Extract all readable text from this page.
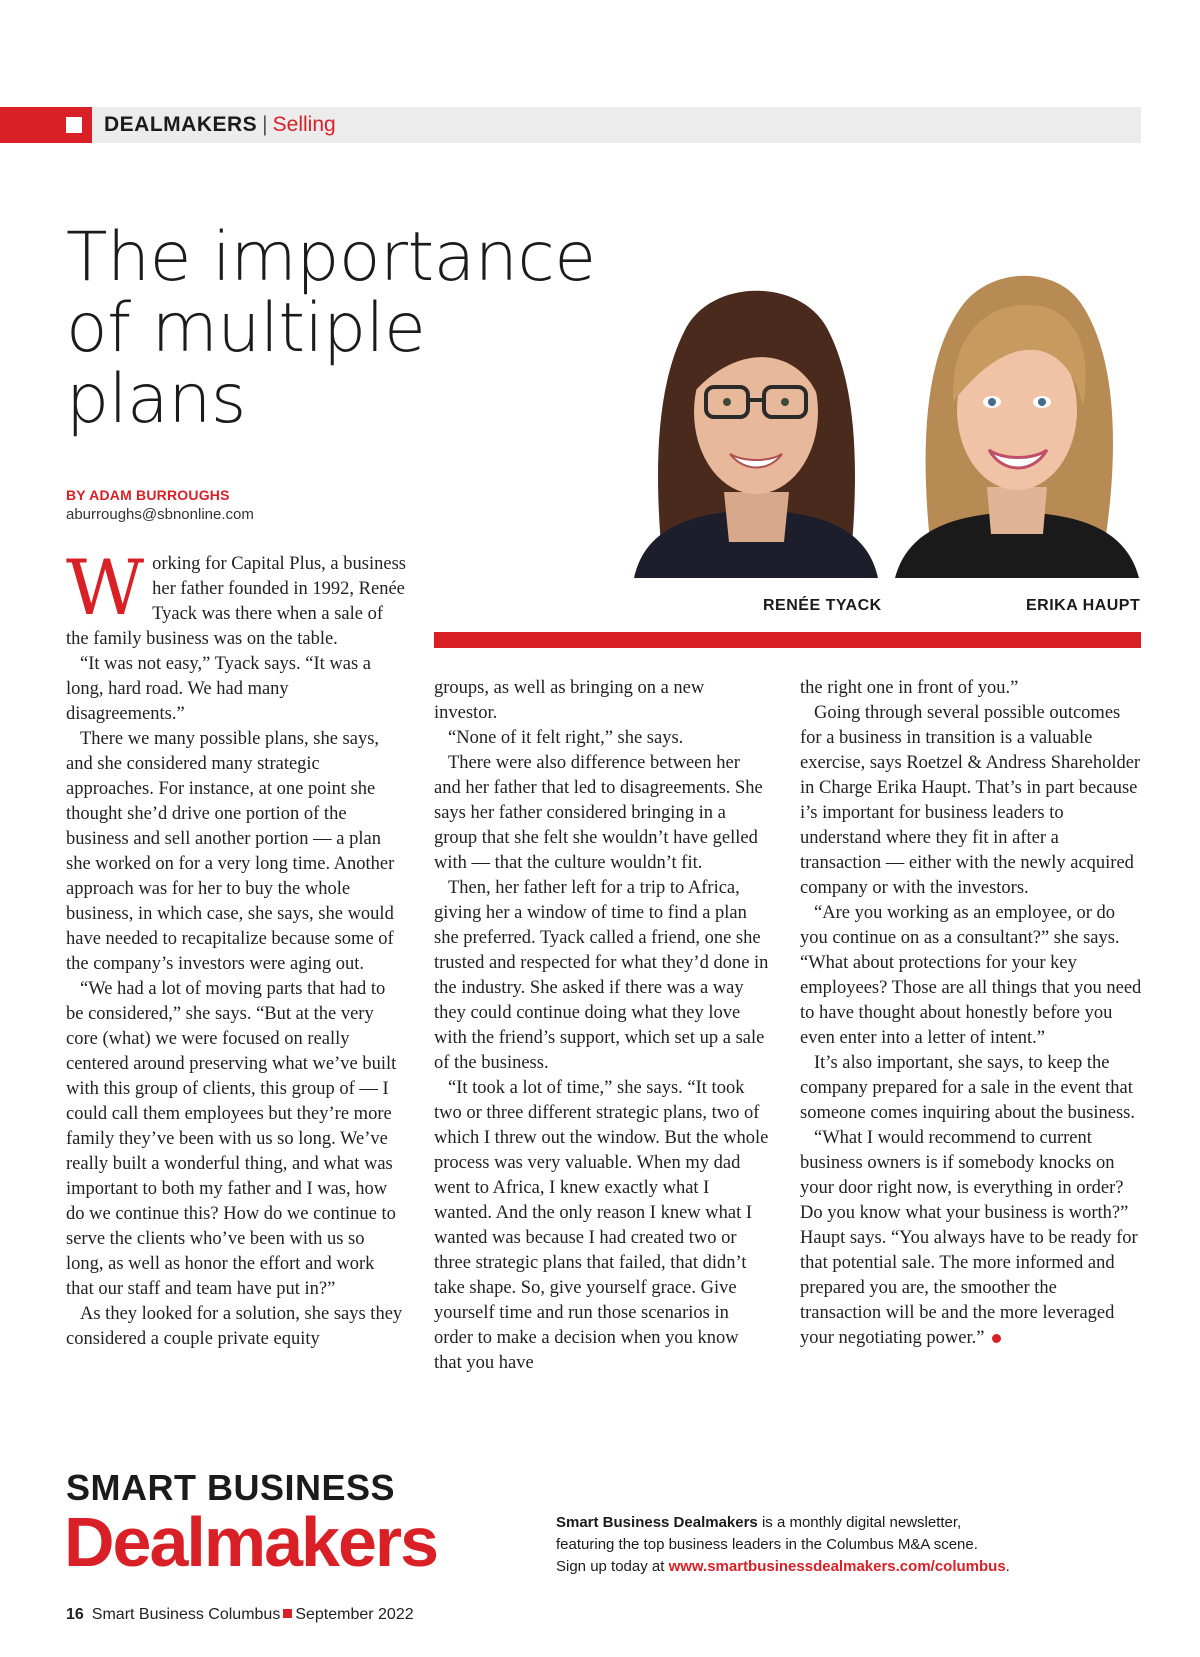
DEALMAKERS | Selling
The importance
of multiple
plans
BY ADAM BURROUGHS
aburroughs@sbnonline.com
RENÉE TYACK	ERIKA HAUPT

Working for Capital Plus, a business her father founded in 1992, Renée Tyack was there when a sale of the family business was on the table.

“It was not easy,” Tyack says. “It was a long, hard road. We had many disagreements.”

There we many possible plans, she says, and she considered many strategic approaches. For instance, at one point she thought she’d drive one portion of the business and sell another portion — a plan she worked on for a very long time. Another approach was for her to buy the whole business, in which case, she says, she would have needed to recapitalize because some of the company’s investors were aging out.

“We had a lot of moving parts that had to be considered,” she says. “But at the very core (what) we were focused on really centered around preserving what we’ve built with this group of clients, this group of — I could call them employees but they’re more family they’ve been with us so long. We’ve really built a wonderful thing, and what was important to both my father and I was, how do we continue this? How do we continue to serve the clients who’ve been with us so long, as well as honor the effort and work that our staff and team have put in?”

As they looked for a solution, she says they considered a couple private equity

groups, as well as bringing on a new investor.

“None of it felt right,” she says.

There were also difference between her and her father that led to disagreements. She says her father considered bringing in a group that she felt she wouldn’t have gelled with — that the culture wouldn’t fit.

Then, her father left for a trip to Africa, giving her a window of time to find a plan she preferred. Tyack called a friend, one she trusted and respected for what they’d done in the industry. She asked if there was a way they could continue doing what they love with the friend’s support, which set up a sale of the business.

“It took a lot of time,” she says. “It took two or three different strategic plans, two of which I threw out the window. But the whole process was very valuable. When my dad went to Africa, I knew exactly what I wanted. And the only reason I knew what I wanted was because I had created two or three strategic plans that failed, that didn’t take shape. So, give yourself grace. Give yourself time and run those scenarios in order to make a decision when you know that you have

the right one in front of you.”

Going through several possible outcomes for a business in transition is a valuable exercise, says Roetzel & Andress Shareholder in Charge Erika Haupt. That’s in part because i’s important for business leaders to understand where they fit in after a transaction — either with the newly acquired company or with the investors.

“Are you working as an employee, or do you continue on as a consultant?” she says. “What about protections for your key employees? Those are all things that you need to have thought about honestly before you even enter into a letter of intent.”

It’s also important, she says, to keep the company prepared for a sale in the event that someone comes inquiring about the business.

“What I would recommend to current business owners is if somebody knocks on your door right now, is everything in order? Do you know what your business is worth?” Haupt says. “You always have to be ready for that potential sale. The more informed and prepared you are, the smoother the transaction will be and the more leveraged your negotiating power.”

SMART BUSINESS
Dealmakers	Smart Business Dealmakers is a monthly digital newsletter,
featuring the top business leaders in the Columbus M&A scene.
Sign up today at www.smartbusinessdealmakers.com/columbus.
16 Smart Business Columbus September 2022
